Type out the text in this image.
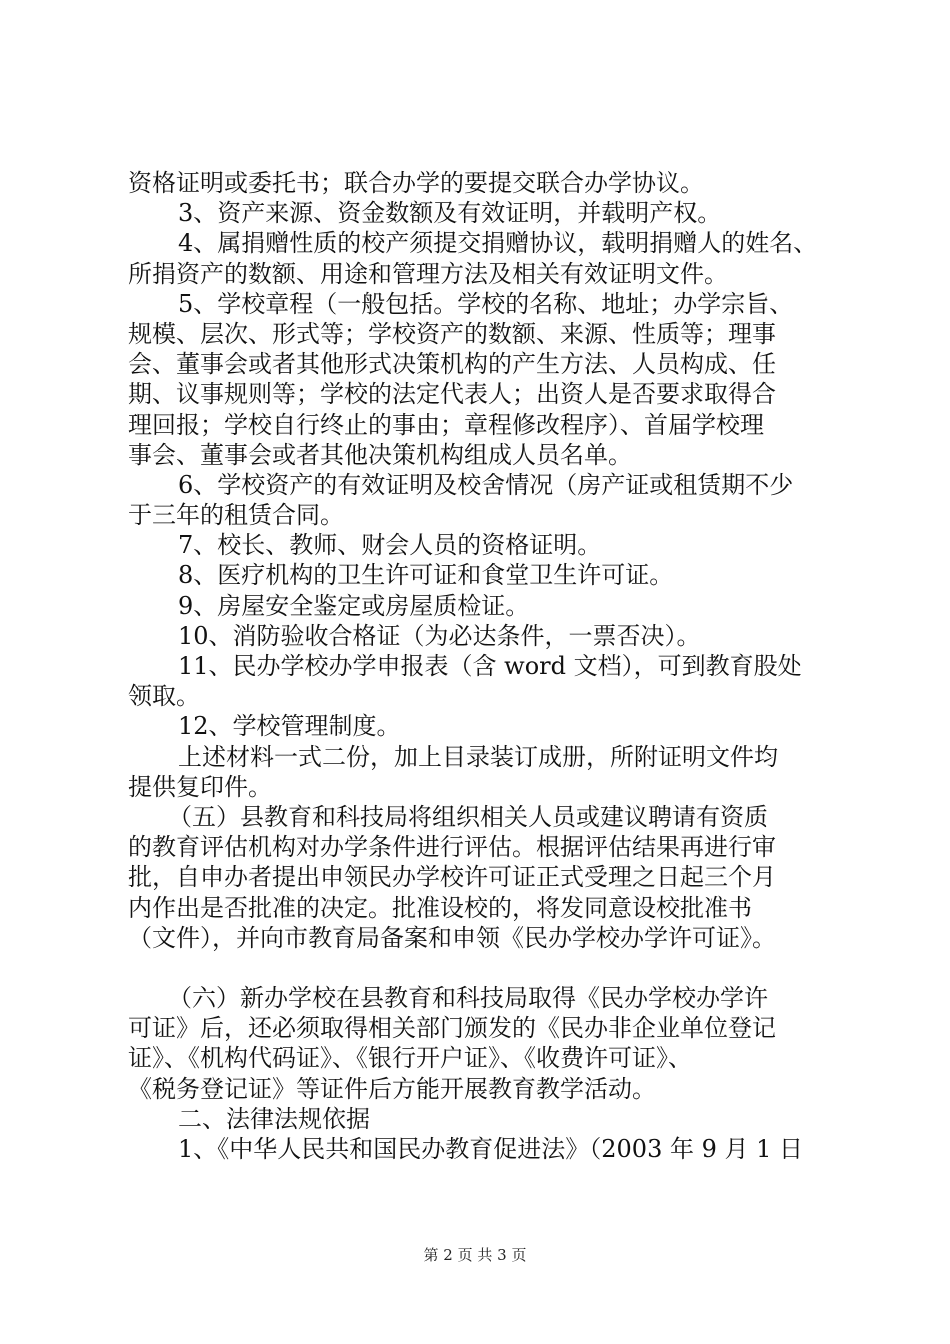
资格证明或委托书；联合办学的要提交联合办学协议。
3、资产来源、资金数额及有效证明，并载明产权。
4、属捐赠性质的校产须提交捐赠协议，载明捐赠人的姓名、
所捐资产的数额、用途和管理方法及相关有效证明文件。
5、学校章程（一般包括。学校的名称、地址；办学宗旨、
规模、层次、形式等；学校资产的数额、来源、性质等；理事
会、董事会或者其他形式决策机构的产生方法、人员构成、任
期、议事规则等；学校的法定代表人；出资人是否要求取得合
理回报；学校自行终止的事由；章程修改程序）、首届学校理
事会、董事会或者其他决策机构组成人员名单。
6、学校资产的有效证明及校舍情况（房产证或租赁期不少
于三年的租赁合同。
7、校长、教师、财会人员的资格证明。
8、医疗机构的卫生许可证和食堂卫生许可证。
9、房屋安全鉴定或房屋质检证。
10、消防验收合格证（为必达条件，一票否决）。
11、民办学校办学申报表（含 word 文档），可到教育股处
领取。
12、学校管理制度。
上述材料一式二份，加上目录装订成册，所附证明文件均
提供复印件。
（五）县教育和科技局将组织相关人员或建议聘请有资质
的教育评估机构对办学条件进行评估。根据评估结果再进行审
批，自申办者提出申领民办学校许可证正式受理之日起三个月
内作出是否批准的决定。批准设校的，将发同意设校批准书
（文件），并向市教育局备案和申领《民办学校办学许可证》。
（六）新办学校在县教育和科技局取得《民办学校办学许
可证》后，还必须取得相关部门颁发的《民办非企业单位登记
证》、《机构代码证》、《银行开户证》、《收费许可证》、
《税务登记证》等证件后方能开展教育教学活动。
二、法律法规依据
1、《中华人民共和国民办教育促进法》（2003 年 9 月 1 日
第 2 页 共 3 页
